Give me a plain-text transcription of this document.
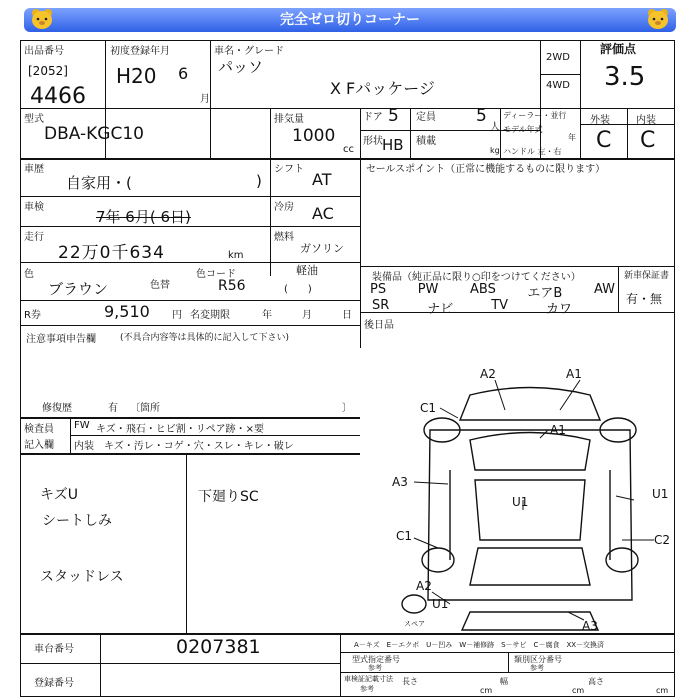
完全ゼロ切りコーナー
出品番号
[2052]
4466
初度登録年月
H20 6
月
車名・グレード
パッソ
X Fパッケージ
2WD
4WD
評価点
3.5
型式
DBA-KGC10
排気量
1000
cc
ドア 5 定員 5
人
ディーラー・並行
形状 HB 積載
kg
モデル年式
年
ハンドル 左・右
外装	内装
C C
車歴
自家用・(	)
車検
7年 6月( 6日)
走行
22万0千634	km
色
ブラウン	色替
色コード
R56
R券	9,510 円 名変期限	年	月	日
注意事項申告欄	(不具合内容等は具体的に記入して下さい)
修復歴	有 〔箇所	〕
シフト
AT
冷房 AC
燃料
ガソリン
軽油
(　　)
セールスポイント（正常に機能するものに限ります）
装備品（純正品に限り○印をつけてください）
PS PW ABS エアB AW
SR	ナビ	TV	カワ
新車保証書
有・無
後日品
検査員
記入欄
FW キズ・飛石・ヒビ割・リペア跡・×要
内装 キズ・汚レ・コゲ・穴・スレ・キレ・破レ
キズU
シートしみ
スタッドレス
下廻りSC
A2	A1
C1
A1
A3
U1
U1
C1	C2
A2
U1
A3
スペア
車台番号	0207381
登録番号
A－キズ　E－エクボ　U－凹み　W－補修跡　S－サビ　C－腐食　XX－交換済
型式指定番号
参考
類別区分番号
参考
車検証記載寸法
参考
長さ
cm
幅
cm
高さ
cm
